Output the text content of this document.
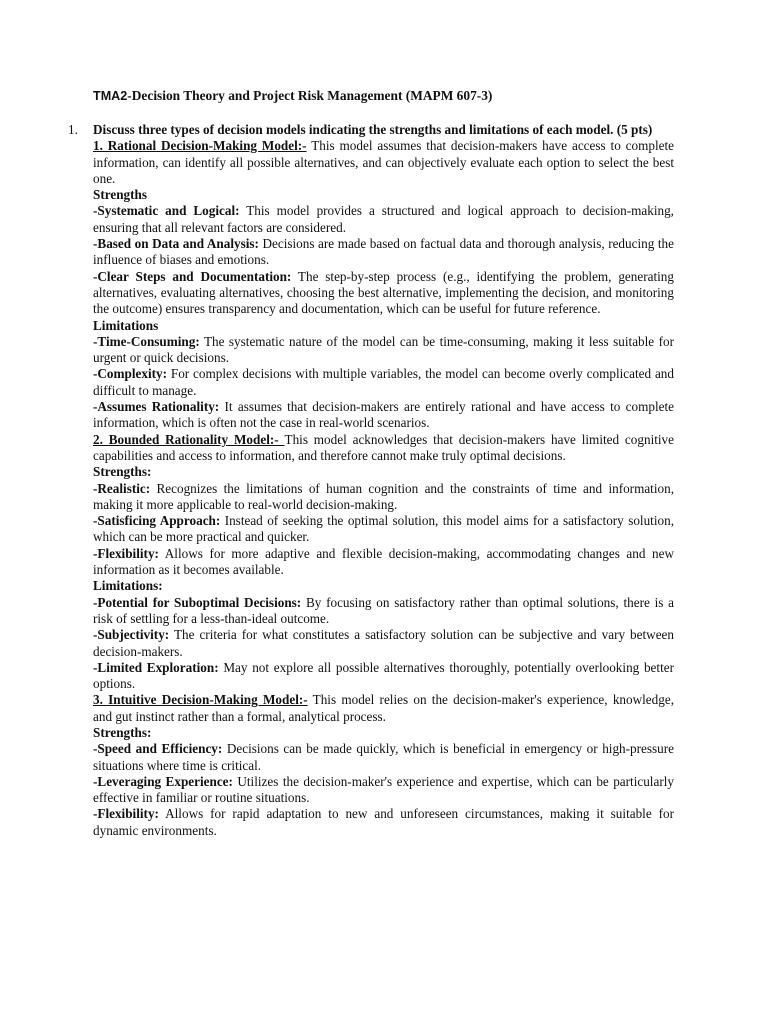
TMA2-Decision Theory and Project Risk Management (MAPM 607-3)
1. Discuss three types of decision models indicating the strengths and limitations of each model. (5 pts)

1. Rational Decision-Making Model:- This model assumes that decision-makers have access to complete information, can identify all possible alternatives, and can objectively evaluate each option to select the best one.

Strengths

-Systematic and Logical: This model provides a structured and logical approach to decision-making, ensuring that all relevant factors are considered.

-Based on Data and Analysis: Decisions are made based on factual data and thorough analysis, reducing the influence of biases and emotions.

-Clear Steps and Documentation: The step-by-step process (e.g., identifying the problem, generating alternatives, evaluating alternatives, choosing the best alternative, implementing the decision, and monitoring the outcome) ensures transparency and documentation, which can be useful for future reference.

Limitations

-Time-Consuming: The systematic nature of the model can be time-consuming, making it less suitable for urgent or quick decisions.

-Complexity: For complex decisions with multiple variables, the model can become overly complicated and difficult to manage.

-Assumes Rationality: It assumes that decision-makers are entirely rational and have access to complete information, which is often not the case in real-world scenarios.

2. Bounded Rationality Model:- This model acknowledges that decision-makers have limited cognitive capabilities and access to information, and therefore cannot make truly optimal decisions.

Strengths:

-Realistic: Recognizes the limitations of human cognition and the constraints of time and information, making it more applicable to real-world decision-making.

-Satisficing Approach: Instead of seeking the optimal solution, this model aims for a satisfactory solution, which can be more practical and quicker.

-Flexibility: Allows for more adaptive and flexible decision-making, accommodating changes and new information as it becomes available.

Limitations:

-Potential for Suboptimal Decisions: By focusing on satisfactory rather than optimal solutions, there is a risk of settling for a less-than-ideal outcome.

-Subjectivity: The criteria for what constitutes a satisfactory solution can be subjective and vary between decision-makers.

-Limited Exploration: May not explore all possible alternatives thoroughly, potentially overlooking better options.

3. Intuitive Decision-Making Model:- This model relies on the decision-maker's experience, knowledge, and gut instinct rather than a formal, analytical process.

Strengths:

-Speed and Efficiency: Decisions can be made quickly, which is beneficial in emergency or high-pressure situations where time is critical.

-Leveraging Experience: Utilizes the decision-maker's experience and expertise, which can be particularly effective in familiar or routine situations.

-Flexibility: Allows for rapid adaptation to new and unforeseen circumstances, making it suitable for dynamic environments.
